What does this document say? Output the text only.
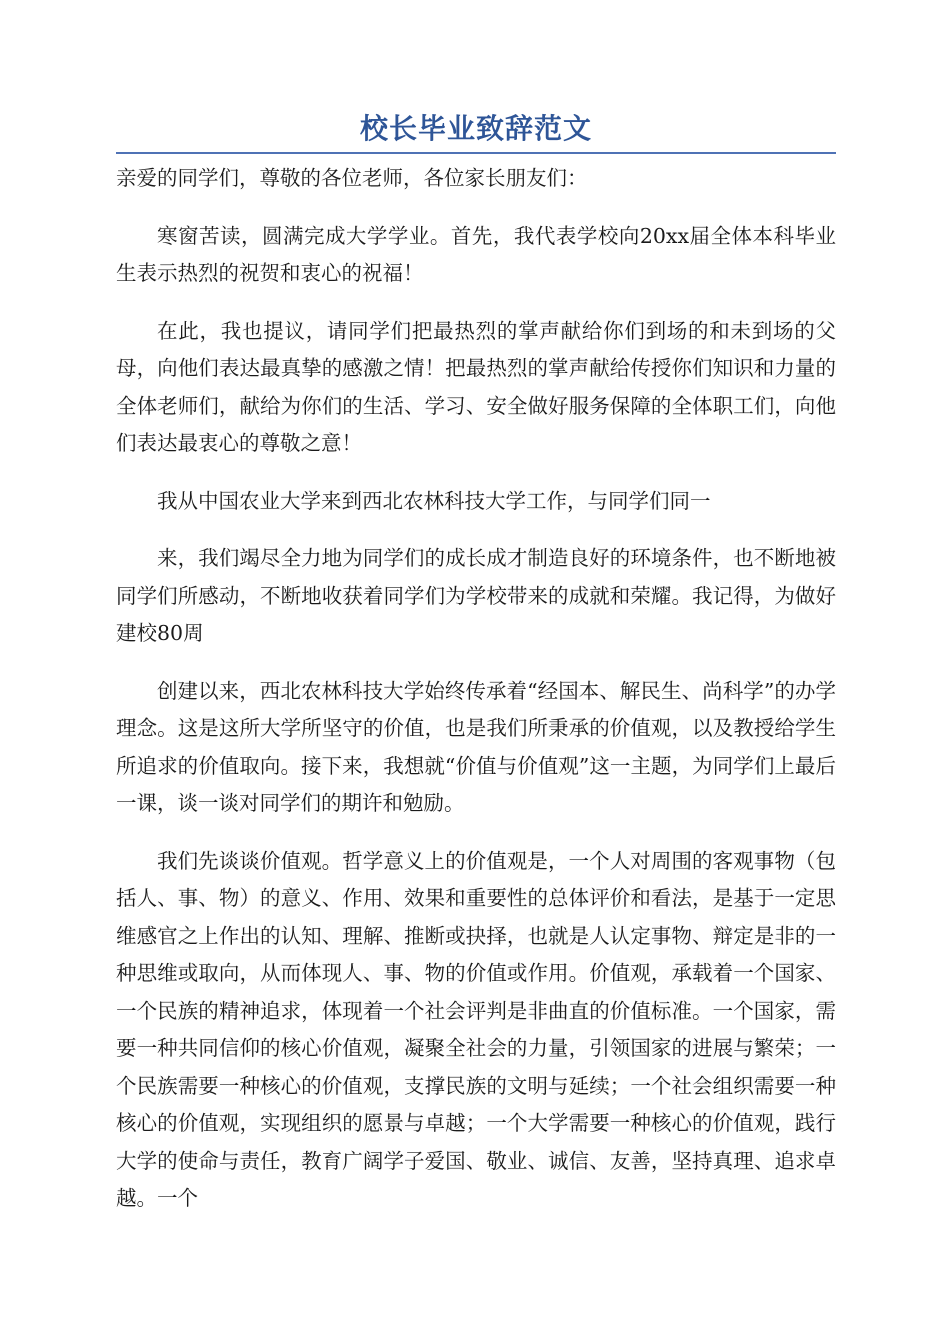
校长毕业致辞范文

亲爱的同学们，尊敬的各位老师，各位家长朋友们：

寒窗苦读，圆满完成大学学业。首先，我代表学校向20xx届全体本科毕业生表示热烈的祝贺和衷心的祝福！

在此，我也提议，请同学们把最热烈的掌声献给你们到场的和未到场的父母，向他们表达最真挚的感激之情！把最热烈的掌声献给传授你们知识和力量的全体老师们，献给为你们的生活、学习、安全做好服务保障的全体职工们，向他们表达最衷心的尊敬之意！

我从中国农业大学来到西北农林科技大学工作，与同学们同一

来，我们竭尽全力地为同学们的成长成才制造良好的环境条件，也不断地被同学们所感动，不断地收获着同学们为学校带来的成就和荣耀。我记得，为做好建校80周

创建以来，西北农林科技大学始终传承着“经国本、解民生、尚科学”的办学理念。这是这所大学所坚守的价值，也是我们所秉承的价值观，以及教授给学生所追求的价值取向。接下来，我想就“价值与价值观”这一主题，为同学们上最后一课，谈一谈对同学们的期许和勉励。

我们先谈谈价值观。哲学意义上的价值观是，一个人对周围的客观事物（包括人、事、物）的意义、作用、效果和重要性的总体评价和看法，是基于一定思维感官之上作出的认知、理解、推断或抉择，也就是人认定事物、辩定是非的一种思维或取向，从而体现人、事、物的价值或作用。价值观，承载着一个国家、一个民族的精神追求，体现着一个社会评判是非曲直的价值标准。一个国家，需要一种共同信仰的核心价值观，凝聚全社会的力量，引领国家的进展与繁荣；一个民族需要一种核心的价值观，支撑民族的文明与延续；一个社会组织需要一种核心的价值观，实现组织的愿景与卓越；一个大学需要一种核心的价值观，践行大学的使命与责任，教育广阔学子爱国、敬业、诚信、友善，坚持真理、追求卓越。一个
